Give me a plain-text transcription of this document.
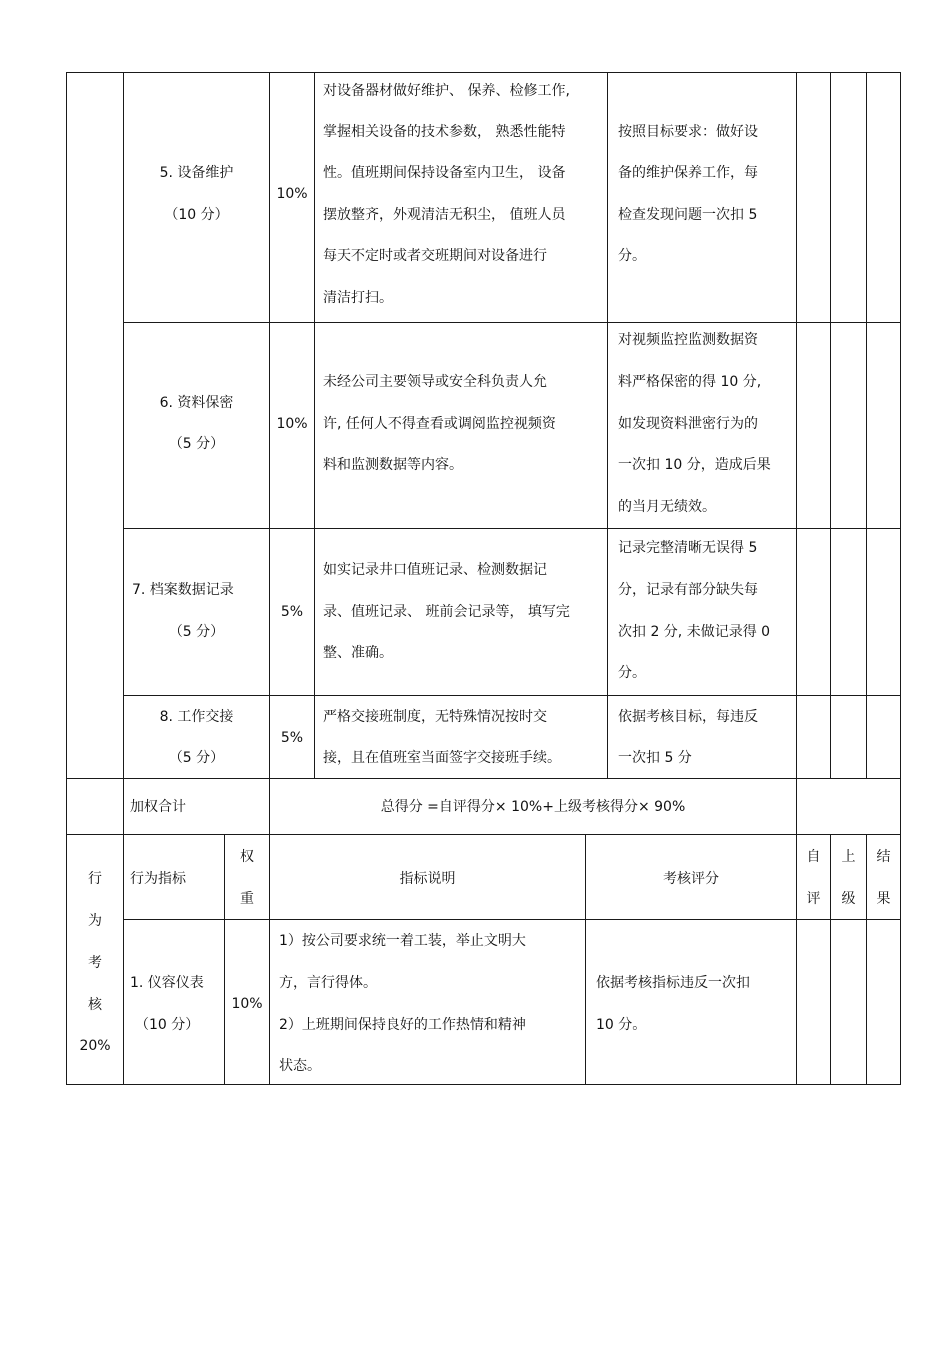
5. 设备维护
（10 分）
10%
对设备器材做好维护、 保养、检修工作,
掌握相关设备的技术参数， 熟悉性能特
性。值班期间保持设备室内卫生， 设备
摆放整齐，外观清洁无积尘， 值班人员
每天不定时或者交班期间对设备进行
清洁打扫。
按照目标要求：做好设
备的维护保养工作，每
检查发现问题一次扣 5
分。
6. 资料保密
（5 分）
10%
未经公司主要领导或安全科负责人允
许, 任何人不得查看或调阅监控视频资
料和监测数据等内容。
对视频监控监测数据资
料严格保密的得 10 分,
如发现资料泄密行为的
一次扣 10 分，造成后果
的当月无绩效。
7. 档案数据记录
（5 分）
5%
如实记录井口值班记录、检测数据记
录、值班记录、 班前会记录等， 填写完
整、准确。
记录完整清晰无误得 5
分，记录有部分缺失每
次扣 2 分, 未做记录得 0
分。
8. 工作交接
（5 分）
5%
严格交接班制度，无特殊情况按时交
接，且在值班室当面签字交接班手续。
依据考核目标，每违反
一次扣 5 分
加权合计	总得分 =自评得分× 10%+上级考核得分× 90%
行
为
考
核
20%
行为指标
权
重
指标说明	考核评分
自
评
上
级
结
果
1. 仪容仪表
（10 分）
10%
1）按公司要求统一着工装，举止文明大
方，言行得体。
2）上班期间保持良好的工作热情和精神
状态。
依据考核指标违反一次扣
10 分。
